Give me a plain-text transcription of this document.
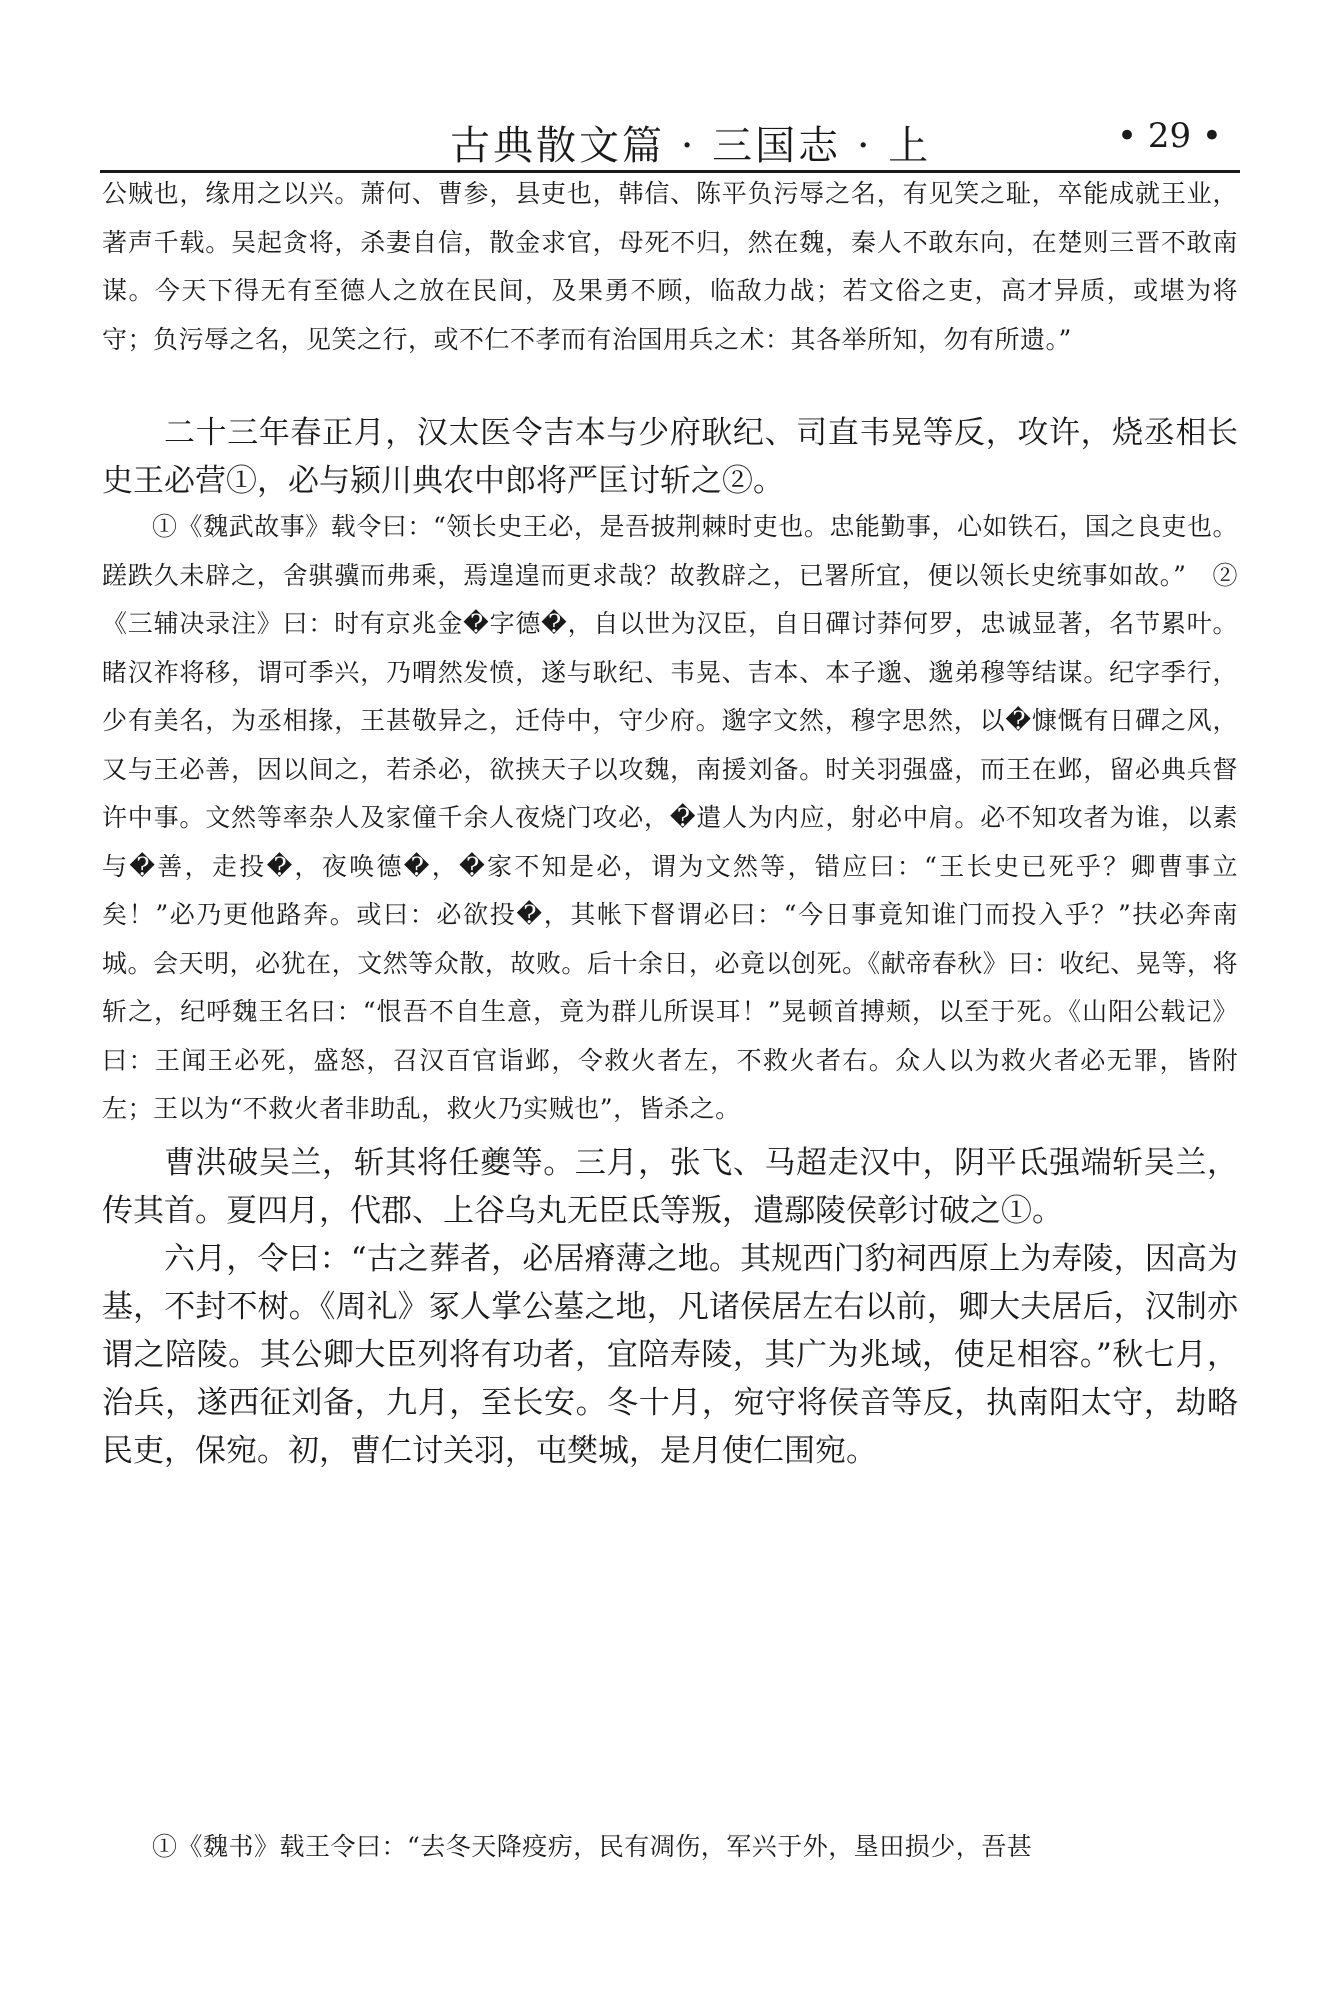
古典散文篇 · 三国志 · 上	• 29 •

公贼也，缘用之以兴。萧何、曹参，县吏也，韩信、陈平负污辱之名，有见笑之耻，卒能成就王业，著声千载。吴起贪将，杀妻自信，散金求官，母死不归，然在魏，秦人不敢东向，在楚则三晋不敢南谋。今天下得无有至德人之放在民间，及果勇不顾，临敌力战；若文俗之吏，高才异质，或堪为将守；负污辱之名，见笑之行，或不仁不孝而有治国用兵之术：其各举所知，勿有所遗。”

二十三年春正月，汉太医令吉本与少府耿纪、司直韦晃等反，攻许，烧丞相长史王必营①，必与颍川典农中郎将严匡讨斩之②。

①《魏武故事》载令曰：“领长史王必，是吾披荆棘时吏也。忠能勤事，心如铁石，国之良吏也。蹉跌久未辟之，舍骐骥而弗乘，焉遑遑而更求哉？故教辟之，已署所宜，便以领长史统事如故。”　②《三辅决录注》曰：时有京兆金�字德�，自以世为汉臣，自日磾讨莽何罗，忠诚显著，名节累叶。睹汉祚将移，谓可季兴，乃喟然发愤，遂与耿纪、韦晃、吉本、本子邈、邈弟穆等结谋。纪字季行，少有美名，为丞相掾，王甚敬异之，迁侍中，守少府。邈字文然，穆字思然，以�慷慨有日磾之风，又与王必善，因以间之，若杀必，欲挟天子以攻魏，南援刘备。时关羽强盛，而王在邺，留必典兵督许中事。文然等率杂人及家僮千余人夜烧门攻必，�遣人为内应，射必中肩。必不知攻者为谁，以素与�善，走投�，夜唤德�，�家不知是必，谓为文然等，错应曰：“王长史已死乎？卿曹事立矣！”必乃更他路奔。或曰：必欲投�，其帐下督谓必曰：“今日事竟知谁门而投入乎？”扶必奔南城。会天明，必犹在，文然等众散，故败。后十余日，必竟以创死。《献帝春秋》曰：收纪、晃等，将斩之，纪呼魏王名曰：“恨吾不自生意，竟为群儿所误耳！”晃顿首搏颊，以至于死。《山阳公载记》曰：王闻王必死，盛怒，召汉百官诣邺，令救火者左，不救火者右。众人以为救火者必无罪，皆附左；王以为“不救火者非助乱，救火乃实贼也”，皆杀之。

曹洪破吴兰，斩其将任夔等。三月，张飞、马超走汉中，阴平氐强端斩吴兰，传其首。夏四月，代郡、上谷乌丸无臣氐等叛，遣鄢陵侯彰讨破之①。

六月，令曰：“古之葬者，必居瘠薄之地。其规西门豹祠西原上为寿陵，因高为基，不封不树。《周礼》冢人掌公墓之地，凡诸侯居左右以前，卿大夫居后，汉制亦谓之陪陵。其公卿大臣列将有功者，宜陪寿陵，其广为兆域，使足相容。”秋七月，治兵，遂西征刘备，九月，至长安。冬十月，宛守将侯音等反，执南阳太守，劫略民吏，保宛。初，曹仁讨关羽，屯樊城，是月使仁围宛。

①《魏书》载王令曰：“去冬天降疫疠，民有凋伤，军兴于外，垦田损少，吾甚
